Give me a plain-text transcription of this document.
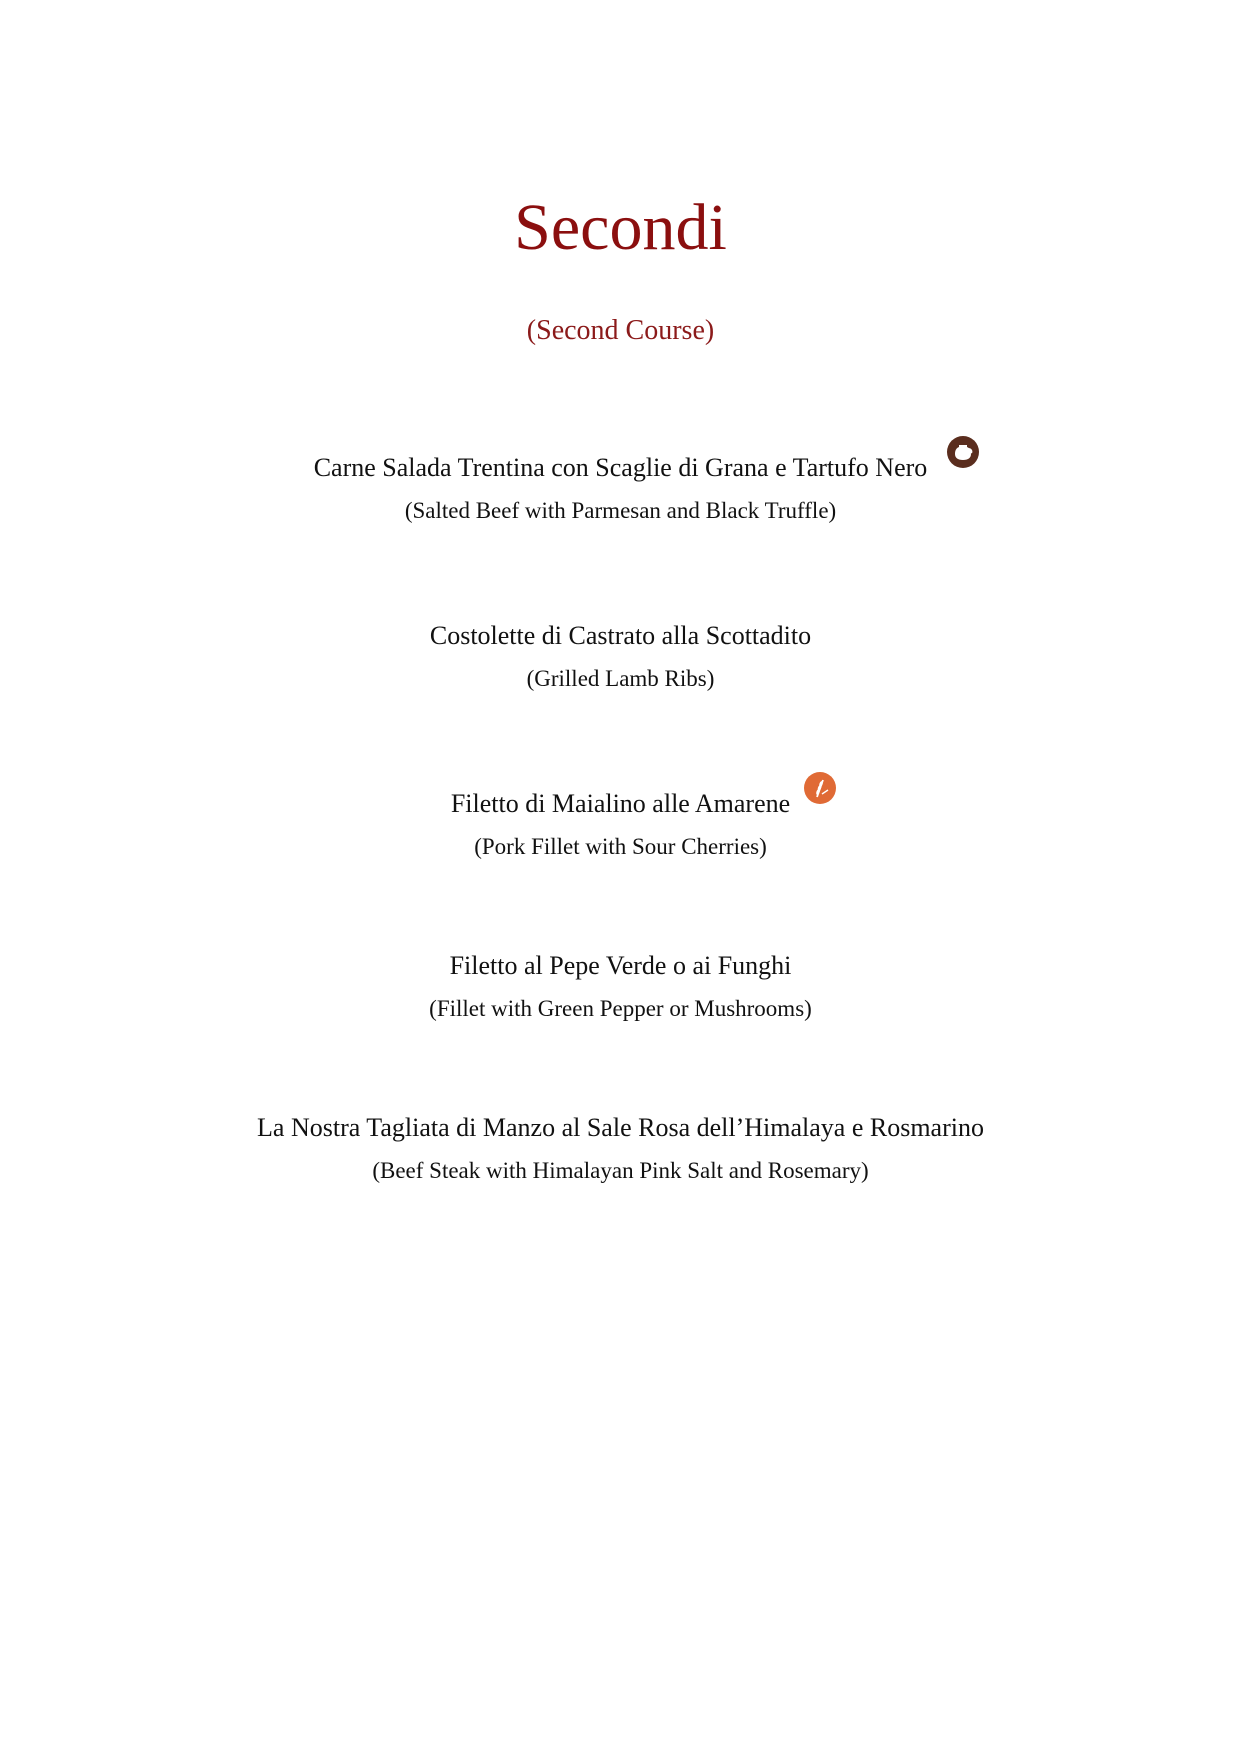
Secondi
(Second Course)
Carne Salada Trentina con Scaglie di Grana e Tartufo Nero
(Salted Beef with Parmesan and Black Truffle)
Costolette di Castrato alla Scottadito
(Grilled Lamb Ribs)
Filetto di Maialino alle Amarene
(Pork Fillet with Sour Cherries)
Filetto al Pepe Verde o ai Funghi
(Fillet with Green Pepper or Mushrooms)
La Nostra Tagliata di Manzo al Sale Rosa dell’Himalaya e Rosmarino
(Beef Steak with Himalayan Pink Salt and Rosemary)
